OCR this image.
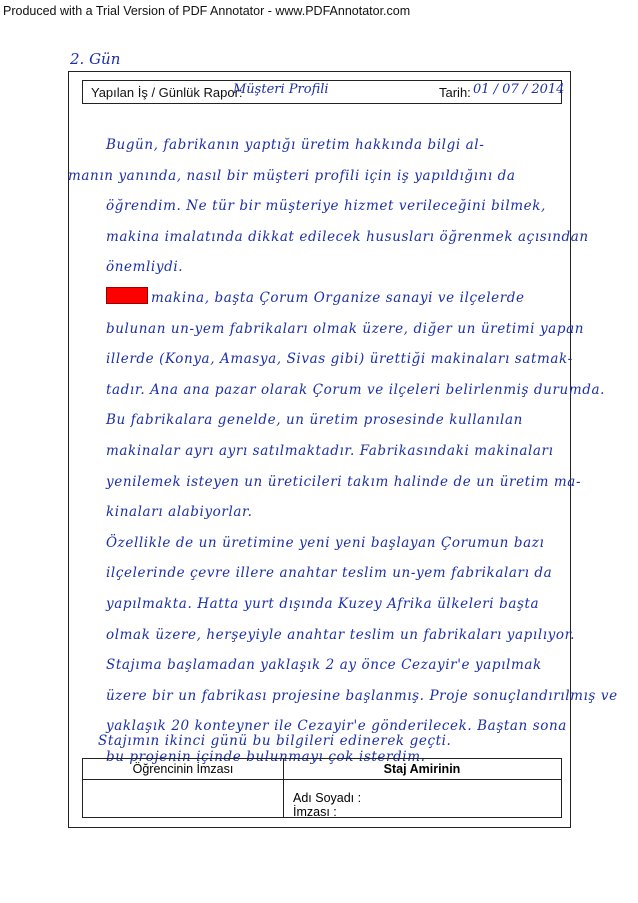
Produced with a Trial Version of PDF Annotator - www.PDFAnnotator.com
2. Gün
Yapılan İş / Günlük Rapor:
Müşteri Profili	Tarih: 01 / 07 / 2014

Bugün, fabrikanın yaptığı üretim hakkında bilgi al-
manın yanında, nasıl bir müşteri profili için iş yapıldığını da
öğrendim. Ne tür bir müşteriye hizmet verileceğini bilmek,
makina imalatında dikkat edilecek hususları öğrenmek açısından
önemliydi.

makina, başta Çorum Organize sanayi ve ilçelerde
bulunan un-yem fabrikaları olmak üzere, diğer un üretimi yapan
illerde (Konya, Amasya, Sivas gibi) ürettiği makinaları satmak-
tadır. Ana ana pazar olarak Çorum ve ilçeleri belirlenmiş durumda.

Bu fabrikalara genelde, un üretim prosesinde kullanılan
makinalar ayrı ayrı satılmaktadır. Fabrikasındaki makinaları
yenilemek isteyen un üreticileri takım halinde de un üretim ma-
kinaları alabiyorlar.

Özellikle de un üretimine yeni yeni başlayan Çorumun bazı
ilçelerinde çevre illere anahtar teslim un-yem fabrikaları da
yapılmakta. Hatta yurt dışında Kuzey Afrika ülkeleri başta
olmak üzere, herşeyiyle anahtar teslim un fabrikaları yapılıyor.

Stajıma başlamadan yaklaşık 2 ay önce Cezayir'e yapılmak
üzere bir un fabrikası projesine başlanmış. Proje sonuçlandırılmış ve
yaklaşık 20 konteyner ile Cezayir'e gönderilecek. Baştan sona
bu projenin içinde bulunmayı çok isterdim.

Stajımın ikinci günü bu bilgileri edinerek geçti.
Öğrencinin İmzası	Staj Amirinin
Adı Soyadı :
İmzası :
